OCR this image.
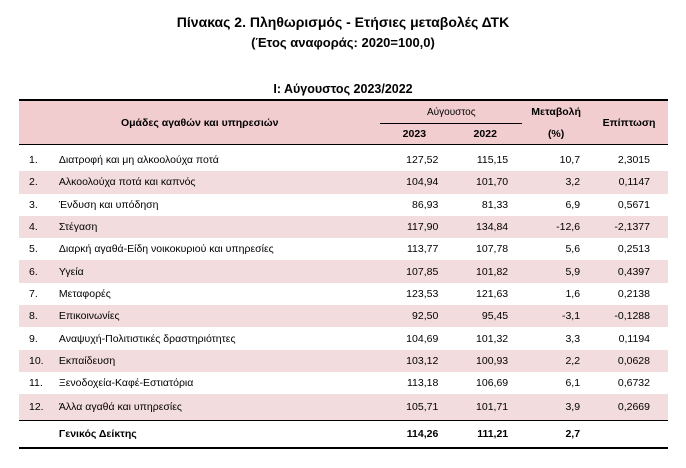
Πίνακας 2. Πληθωρισμός - Ετήσιες μεταβολές ΔΤΚ
(Έτος αναφοράς: 2020=100,0)
Ι: Αύγουστος 2023/2022
Ομάδες αγαθών και υπηρεσιών		Αύγουστος		Μεταβολή	Επίπτωση
		2023	2022	(%)	

1.	Διατροφή και μη αλκοολούχα ποτά	127,52	115,15	10,7	2,3015
2.	Αλκοολούχα ποτά και καπνός	104,94	101,70	3,2	0,1147
3.	Ένδυση και υπόδηση	86,93	81,33	6,9	0,5671
4.	Στέγαση	117,90	134,84	-12,6	-2,1377
5.	Διαρκή αγαθά-Είδη νοικοκυριού και υπηρεσίες	113,77	107,78	5,6	0,2513
6.	Υγεία	107,85	101,82	5,9	0,4397
7.	Μεταφορές	123,53	121,63	1,6	0,2138
8.	Επικοινωνίες	92,50	95,45	-3,1	-0,1288
9.	Αναψυχή-Πολιτιστικές δραστηριότητες	104,69	101,32	3,3	0,1194
10.	Εκπαίδευση	103,12	100,93	2,2	0,0628
11.	Ξενοδοχεία-Καφέ-Εστιατόρια	113,18	106,69	6,1	0,6732
12.	Άλλα αγαθά και υπηρεσίες	105,71	101,71	3,9	0,2669
	Γενικός Δείκτης	114,26	111,21	2,7	
